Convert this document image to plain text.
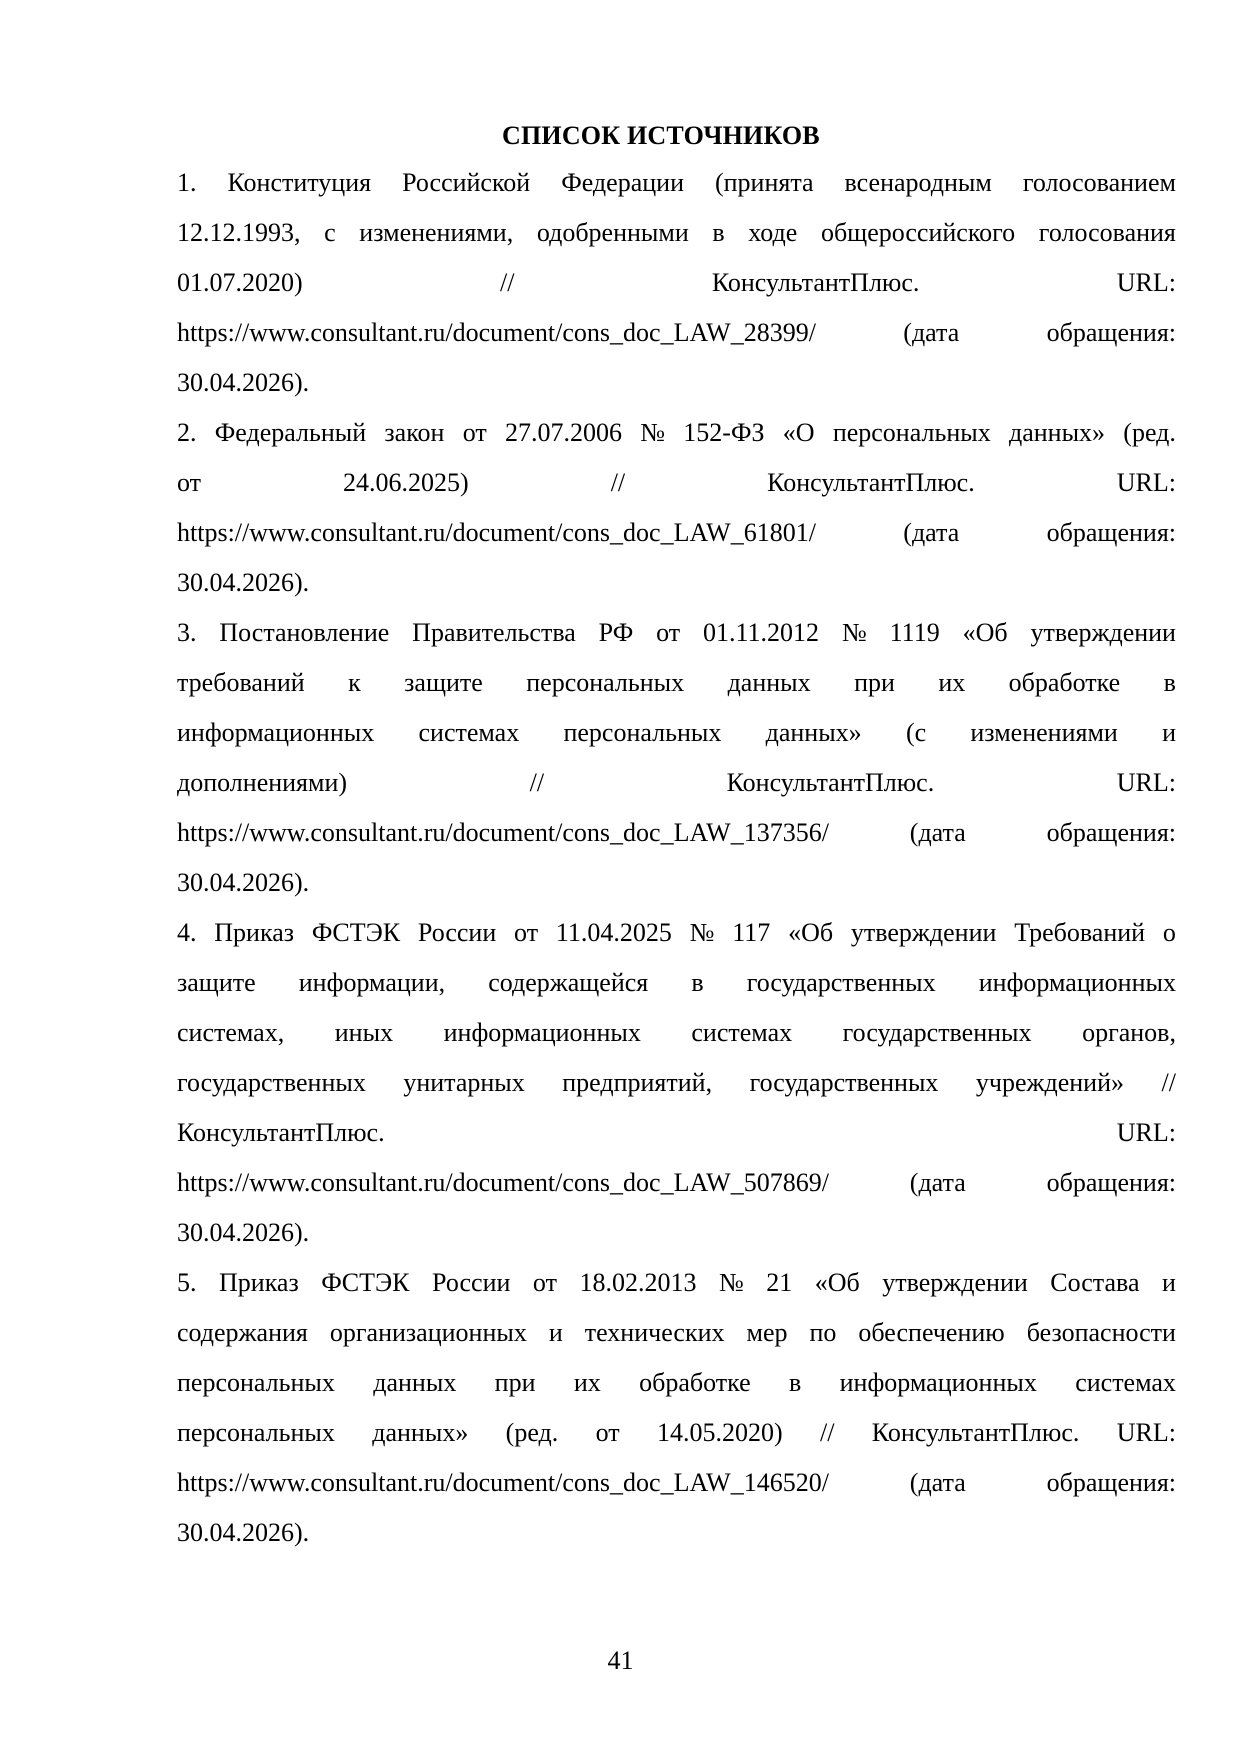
СПИСОК ИСТОЧНИКОВ
1. Конституция Российской Федерации (принята всенародным голосованием
12.12.1993, с изменениями, одобренными в ходе общероссийского голосования
01.07.2020)	//	КонсультантПлюс.	URL:
https://www.consultant.ru/document/cons_doc_LAW_28399/	(дата	обращения:
30.04.2026).
2. Федеральный закон от 27.07.2006 № 152-ФЗ «О персональных данных» (ред.
от	24.06.2025)	//	КонсультантПлюс.	URL:
https://www.consultant.ru/document/cons_doc_LAW_61801/	(дата	обращения:
30.04.2026).
3. Постановление Правительства РФ от 01.11.2012 № 1119 «Об утверждении
требований к защите персональных данных при их обработке в
информационных системах персональных данных» (с изменениями и
дополнениями)	//	КонсультантПлюс.	URL:
https://www.consultant.ru/document/cons_doc_LAW_137356/	(дата	обращения:
30.04.2026).
4. Приказ ФСТЭК России от 11.04.2025 № 117 «Об утверждении Требований о
защите информации, содержащейся в государственных информационных
системах, иных информационных системах государственных органов,
государственных унитарных предприятий, государственных учреждений» //
КонсультантПлюс.	URL:
https://www.consultant.ru/document/cons_doc_LAW_507869/	(дата	обращения:
30.04.2026).
5. Приказ ФСТЭК России от 18.02.2013 № 21 «Об утверждении Состава и
содержания организационных и технических мер по обеспечению безопасности
персональных данных при их обработке в информационных системах
персональных данных» (ред. от 14.05.2020) // КонсультантПлюс. URL:
https://www.consultant.ru/document/cons_doc_LAW_146520/	(дата	обращения:
30.04.2026).
41
